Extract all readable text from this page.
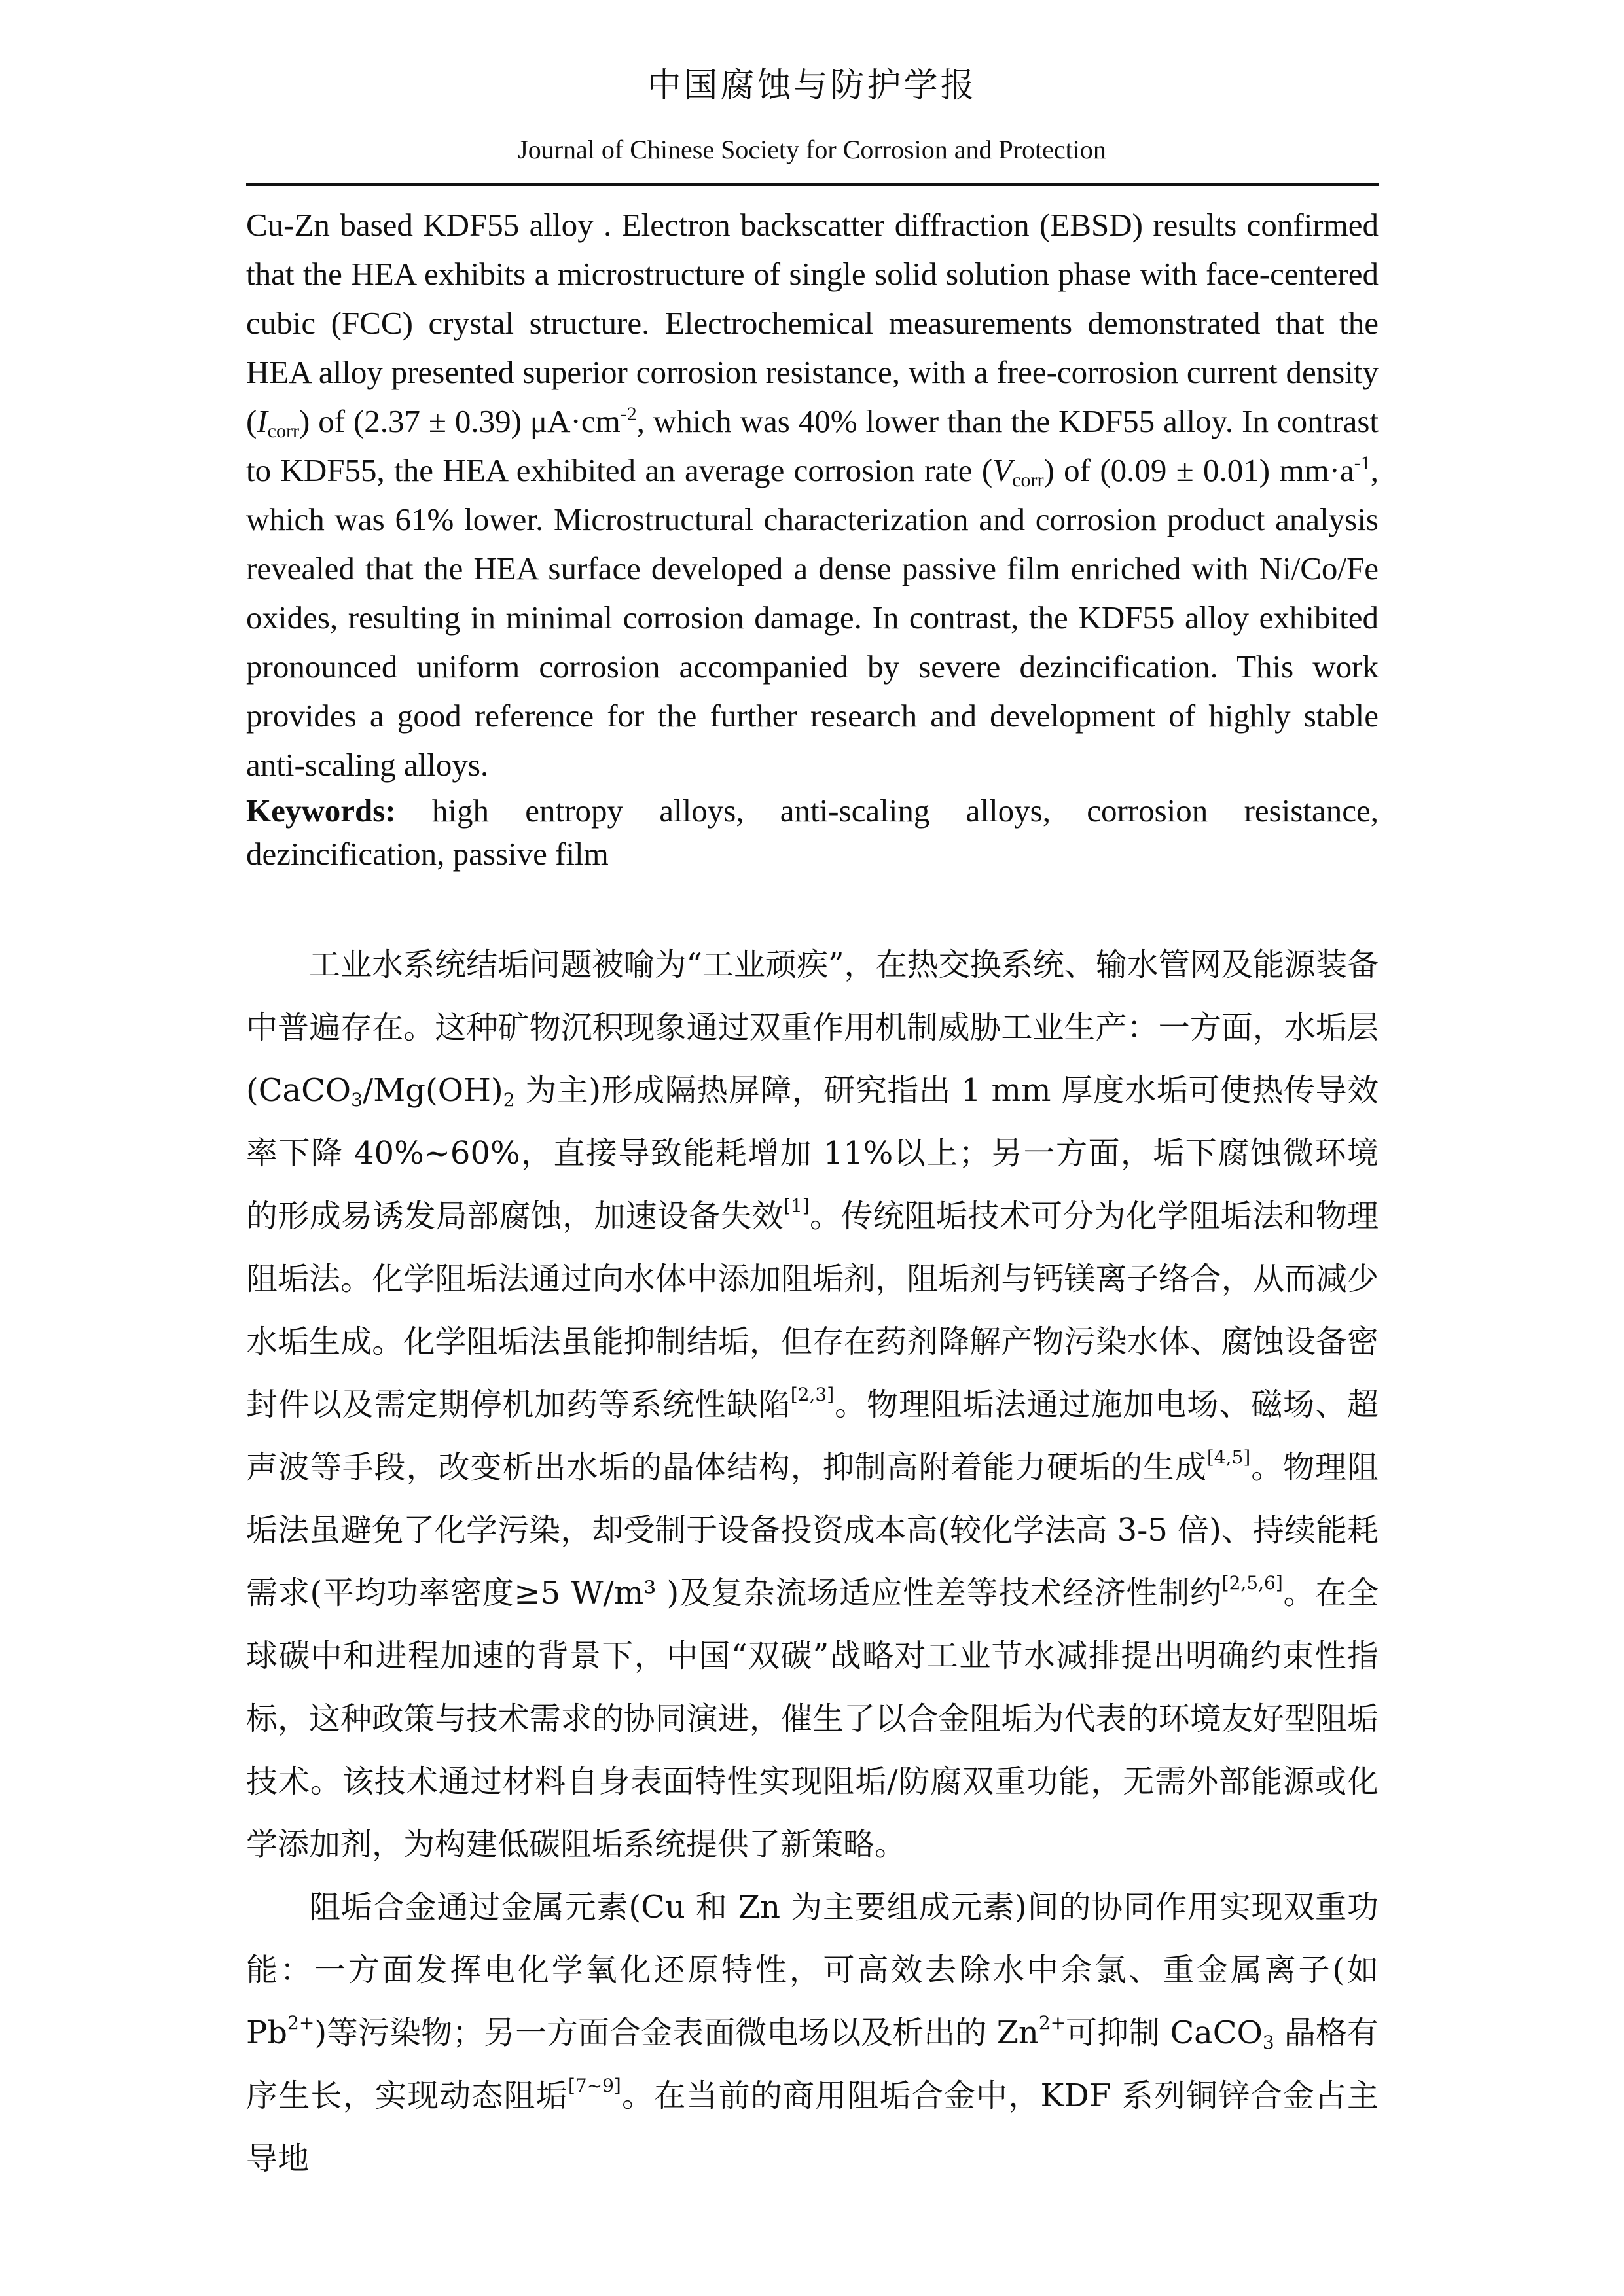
中国腐蚀与防护学报
Journal of Chinese Society for Corrosion and Protection

Cu-Zn based KDF55 alloy . Electron backscatter diffraction (EBSD) results confirmed that the HEA exhibits a microstructure of single solid solution phase with face-centered cubic (FCC) crystal structure. Electrochemical measurements demonstrated that the HEA alloy presented superior corrosion resistance, with a free-corrosion current density $(I_{corr})$ of (2.37 ± 0.39) $\mu A\cdot cm^{-2}$, which was 40% lower than the KDF55 alloy. In contrast to KDF55, the HEA exhibited an average corrosion rate $(V_{corr})$ of (0.09 ± 0.01) $mm\cdot a^{-1}$, which was 61% lower. Microstructural characterization and corrosion product analysis revealed that the HEA surface developed a dense passive film enriched with Ni/Co/Fe oxides, resulting in minimal corrosion damage. In contrast, the KDF55 alloy exhibited pronounced uniform corrosion accompanied by severe dezincification. This work provides a good reference for the further research and development of highly stable anti-scaling alloys.

Keywords: high entropy alloys, anti-scaling alloys, corrosion resistance, dezincification, passive film

工业水系统结垢问题被喻为“工业顽疾”，在热交换系统、输水管网及能源装备中普遍存在。这种矿物沉积现象通过双重作用机制威胁工业生产：一方面，水垢层($CaCO_3/Mg(OH)_2$ 为主)形成隔热屏障，研究指出 1 mm 厚度水垢可使热传导效率下降 40%~60%，直接导致能耗增加 11%以上；另一方面，垢下腐蚀微环境的形成易诱发局部腐蚀，加速设备失效[1]。传统阻垢技术可分为化学阻垢法和物理阻垢法。化学阻垢法通过向水体中添加阻垢剂，阻垢剂与钙镁离子络合，从而减少水垢生成。化学阻垢法虽能抑制结垢，但存在药剂降解产物污染水体、腐蚀设备密封件以及需定期停机加药等系统性缺陷[2,3]。物理阻垢法通过施加电场、磁场、超声波等手段，改变析出水垢的晶体结构，抑制高附着能力硬垢的生成[4,5]。物理阻垢法虽避免了化学污染，却受制于设备投资成本高(较化学法高 3-5 倍)、持续能耗需求(平均功率密度≥5 W/m³ )及复杂流场适应性差等技术经济性制约[2,5,6]。在全球碳中和进程加速的背景下，中国“双碳”战略对工业节水减排提出明确约束性指标，这种政策与技术需求的协同演进，催生了以合金阻垢为代表的环境友好型阻垢技术。该技术通过材料自身表面特性实现阻垢/防腐双重功能，无需外部能源或化学添加剂，为构建低碳阻垢系统提供了新策略。

阻垢合金通过金属元素(Cu 和 Zn 为主要组成元素)间的协同作用实现双重功能：一方面发挥电化学氧化还原特性，可高效去除水中余氯、重金属离子(如 $Pb^{2+}$)等污染物；另一方面合金表面微电场以及析出的 $Zn^{2+}$可抑制 CaCO$_3$ 晶格有序生长，实现动态阻垢[7~9]。在当前的商用阻垢合金中，KDF 系列铜锌合金占主导地
